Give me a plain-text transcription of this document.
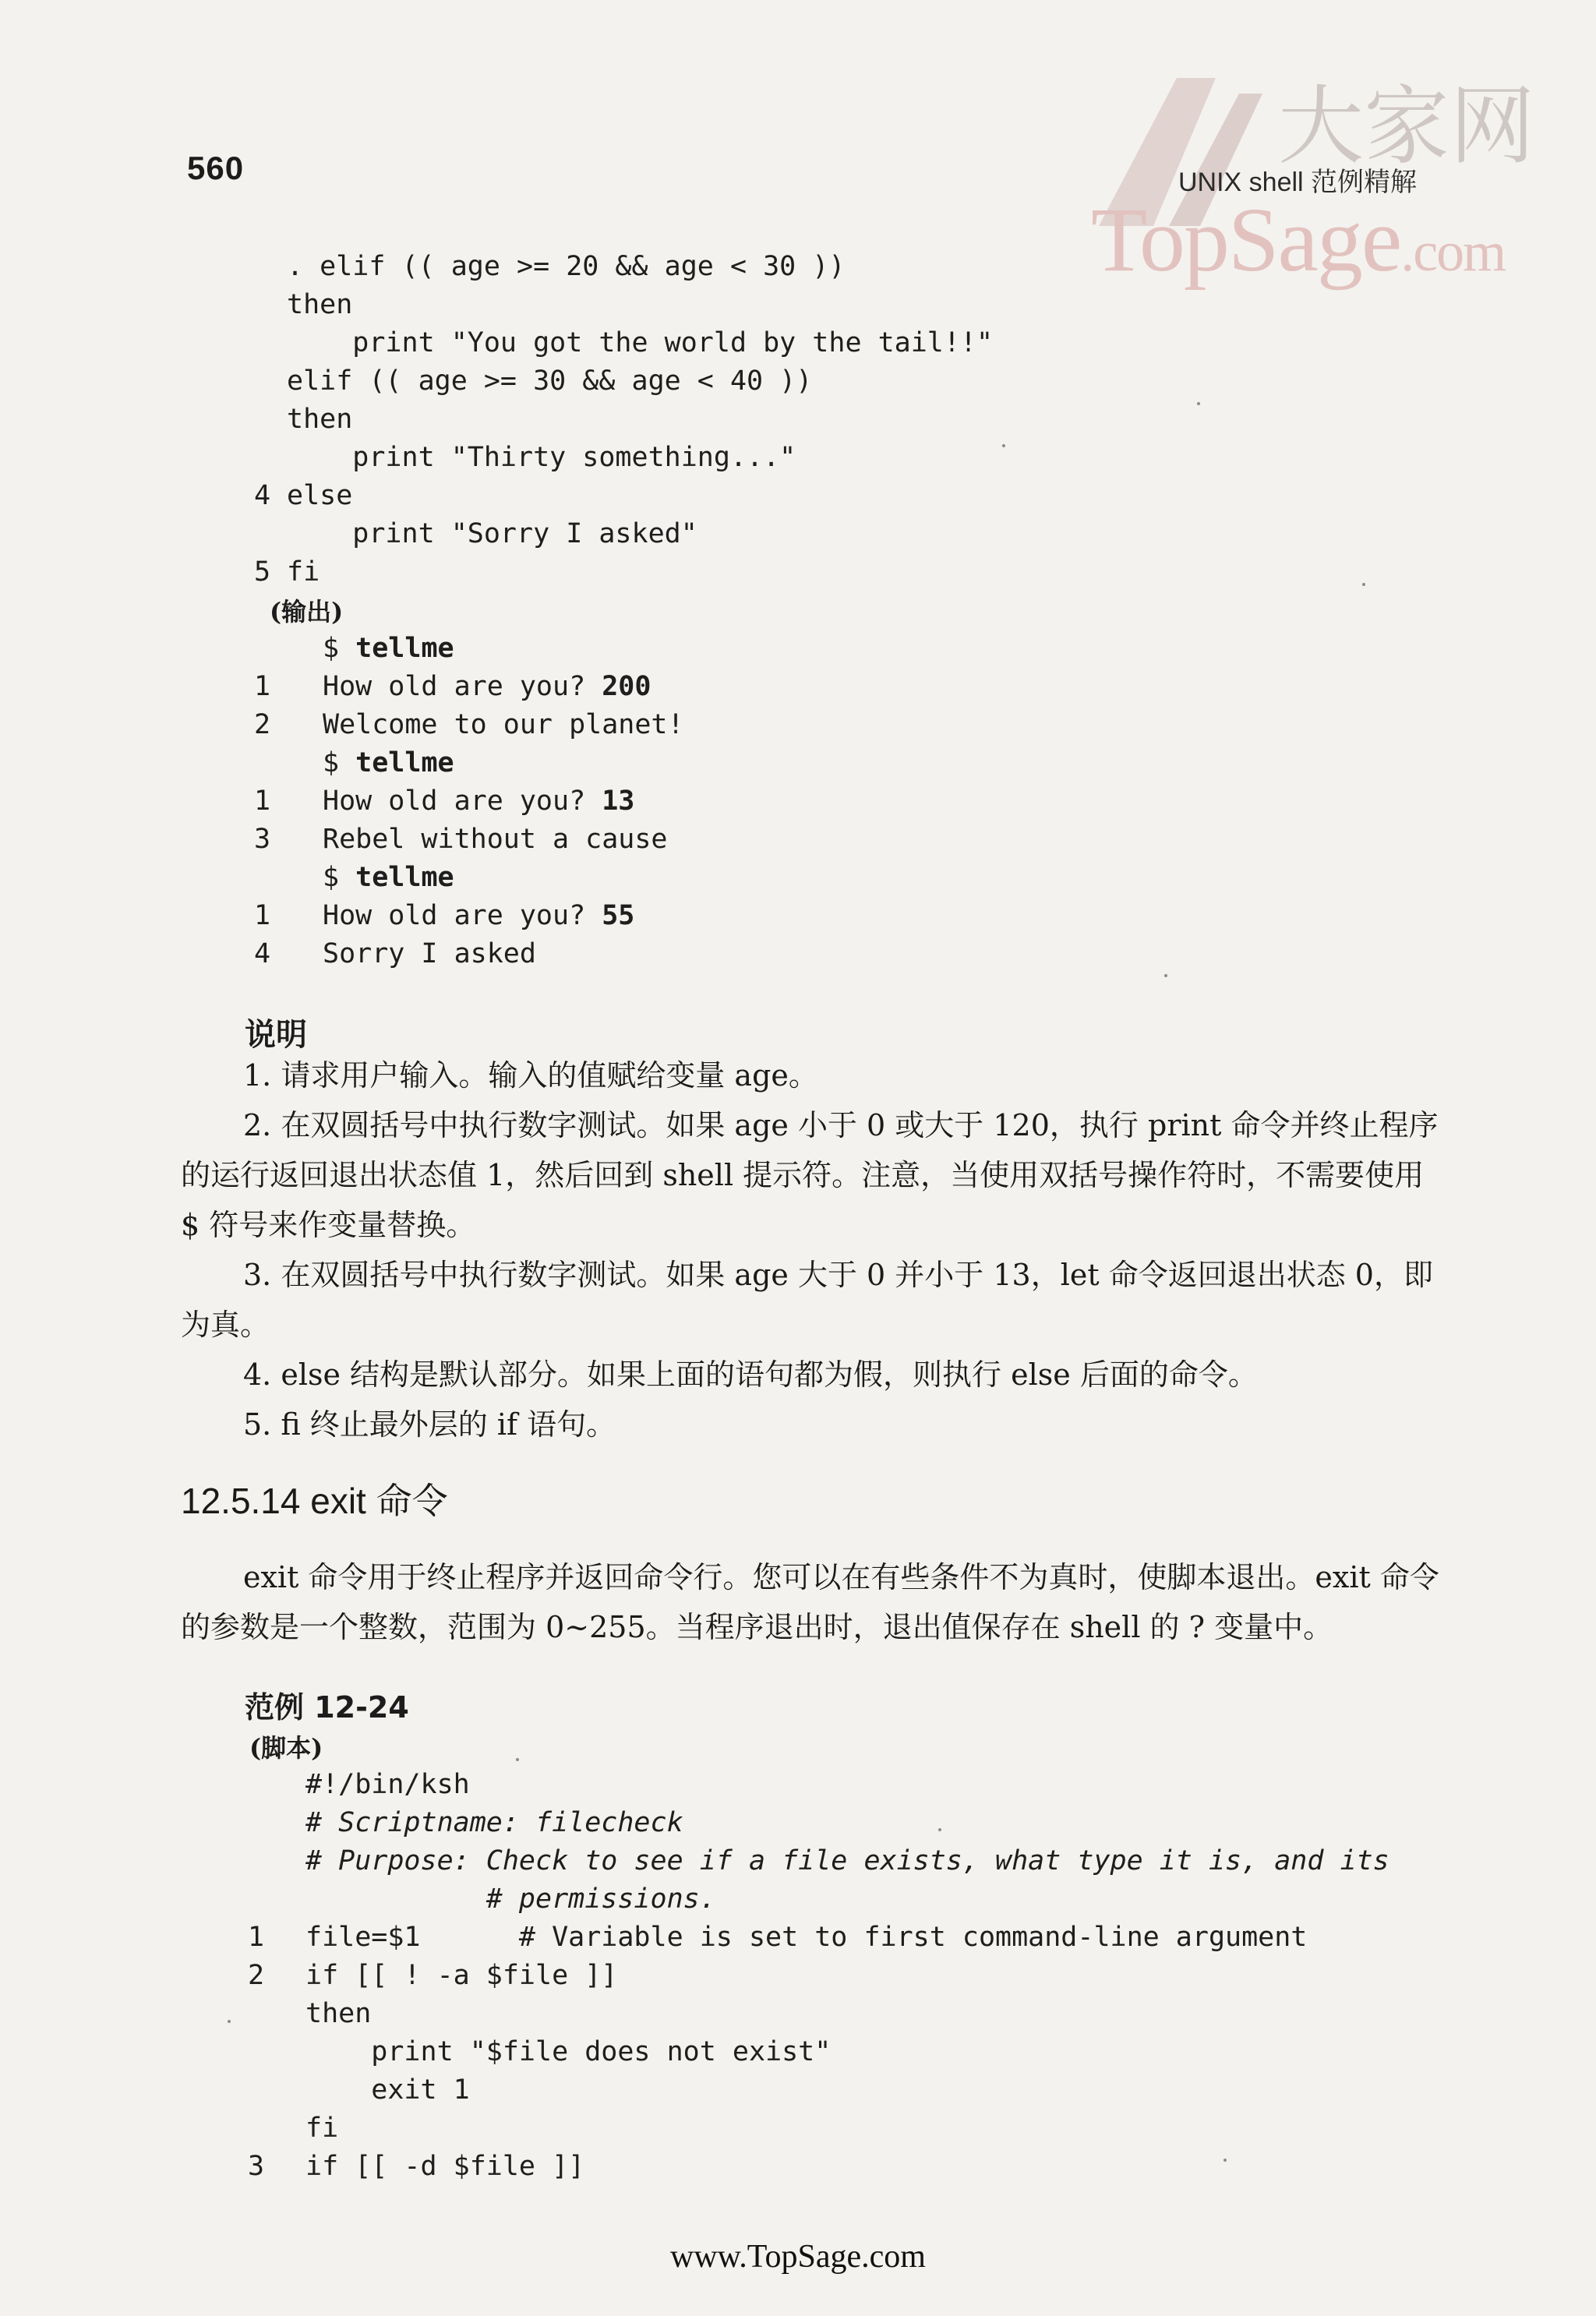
560	大家网
TopSage.com
UNIX shell 范例精解
. elif (( age >= 20 && age < 30 ))
then
print "You got the world by the tail!!"
elif (( age >= 30 && age < 40 ))
then
print "Thirty something..."
4 else
print "Sorry I asked"
5 fi
(输出)
$ tellme
1	How old are you? 200
2	Welcome to our planet!
$ tellme
1	How old are you? 13
3	Rebel without a cause
$ tellme
1	How old are you? 55
4	Sorry I asked
说明
1. 请求用户输入。输入的值赋给变量 age。
2. 在双圆括号中执行数字测试。如果 age 小于 0 或大于 120，执行 print 命令并终止程序的运行返回退出状态值 1，然后回到 shell 提示符。注意，当使用双括号操作符时，不需要使用 $ 符号来作变量替换。
3. 在双圆括号中执行数字测试。如果 age 大于 0 并小于 13，let 命令返回退出状态 0，即为真。
4. else 结构是默认部分。如果上面的语句都为假，则执行 else 后面的命令。
5. fi 终止最外层的 if 语句。
12.5.14 exit 命令
exit 命令用于终止程序并返回命令行。您可以在有些条件不为真时，使脚本退出。exit 命令的参数是一个整数，范围为 0~255。当程序退出时，退出值保存在 shell 的 ? 变量中。
范例 12-24
(脚本)
#!/bin/ksh
# Scriptname: filecheck
# Purpose: Check to see if a file exists, what type it is, and its
# permissions.
1	file=$1      # Variable is set to first command-line argument
2	if [[ ! -a $file ]]
then
print "$file does not exist"
exit 1
fi
3	if [[ -d $file ]]
www.TopSage.com
